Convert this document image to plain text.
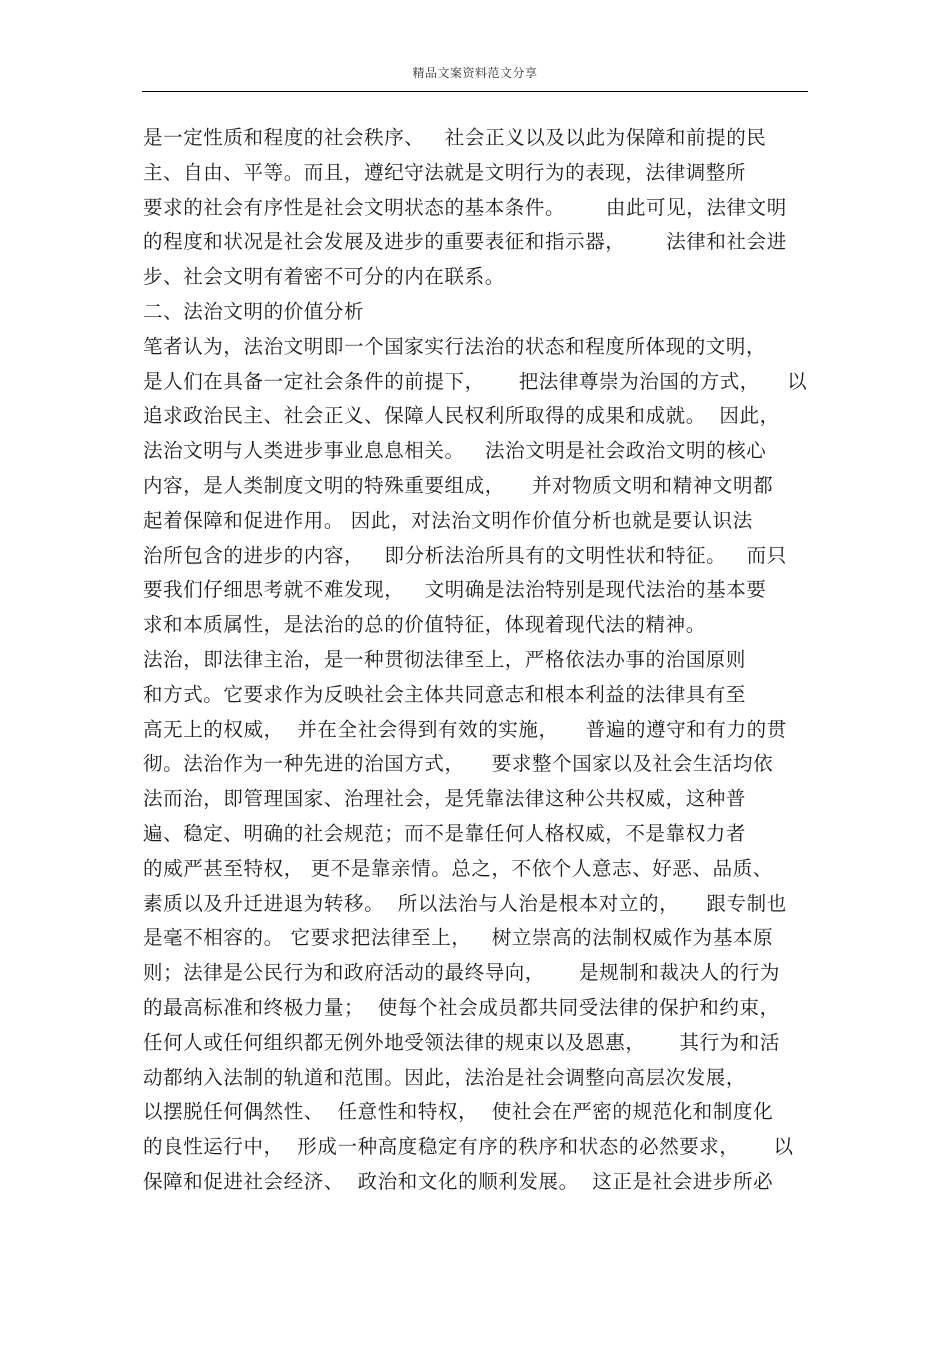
精品文案资料范文分享
是一定性质和程度的社会秩序、   社会正义以及以此为保障和前提的民
主、自由、平等。而且，遵纪守法就是文明行为的表现，法律调整所
要求的社会有序性是社会文明状态的基本条件。      由此可见，法律文明
的程度和状况是社会发展及进步的重要表征和指示器，      法律和社会进
步、社会文明有着密不可分的内在联系。
二、法治文明的价值分析
笔者认为，法治文明即一个国家实行法治的状态和程度所体现的文明，
是人们在具备一定社会条件的前提下，     把法律尊崇为治国的方式，    以
追求政治民主、社会正义、保障人民权利所取得的成果和成就。  因此，
法治文明与人类进步事业息息相关。   法治文明是社会政治文明的核心
内容，是人类制度文明的特殊重要组成，    并对物质文明和精神文明都
起着保障和促进作用。 因此，对法治文明作价值分析也就是要认识法
治所包含的进步的内容，   即分析法治所具有的文明性状和特征。   而只
要我们仔细思考就不难发现，   文明确是法治特别是现代法治的基本要
求和本质属性，是法治的总的价值特征，体现着现代法的精神。
法治，即法律主治，是一种贯彻法律至上，严格依法办事的治国原则
和方式。它要求作为反映社会主体共同意志和根本利益的法律具有至
高无上的权威，  并在全社会得到有效的实施，    普遍的遵守和有力的贯
彻。法治作为一种先进的治国方式，    要求整个国家以及社会生活均依
法而治，即管理国家、治理社会，是凭靠法律这种公共权威，这种普
遍、稳定、明确的社会规范；而不是靠任何人格权威，不是靠权力者
的威严甚至特权， 更不是靠亲情。总之，不依个人意志、好恶、品质、
素质以及升迁进退为转移。  所以法治与人治是根本对立的，    跟专制也
是毫不相容的。 它要求把法律至上，   树立崇高的法制权威作为基本原
则；法律是公民行为和政府活动的最终导向，     是规制和裁决人的行为
的最高标准和终极力量；  使每个社会成员都共同受法律的保护和约束，
任何人或任何组织都无例外地受领法律的规束以及恩惠，     其行为和活
动都纳入法制的轨道和范围。因此，法治是社会调整向高层次发展，
以摆脱任何偶然性、  任意性和特权，  使社会在严密的规范化和制度化
的良性运行中，  形成一种高度稳定有序的秩序和状态的必然要求，     以
保障和促进社会经济、  政治和文化的顺利发展。  这正是社会进步所必
